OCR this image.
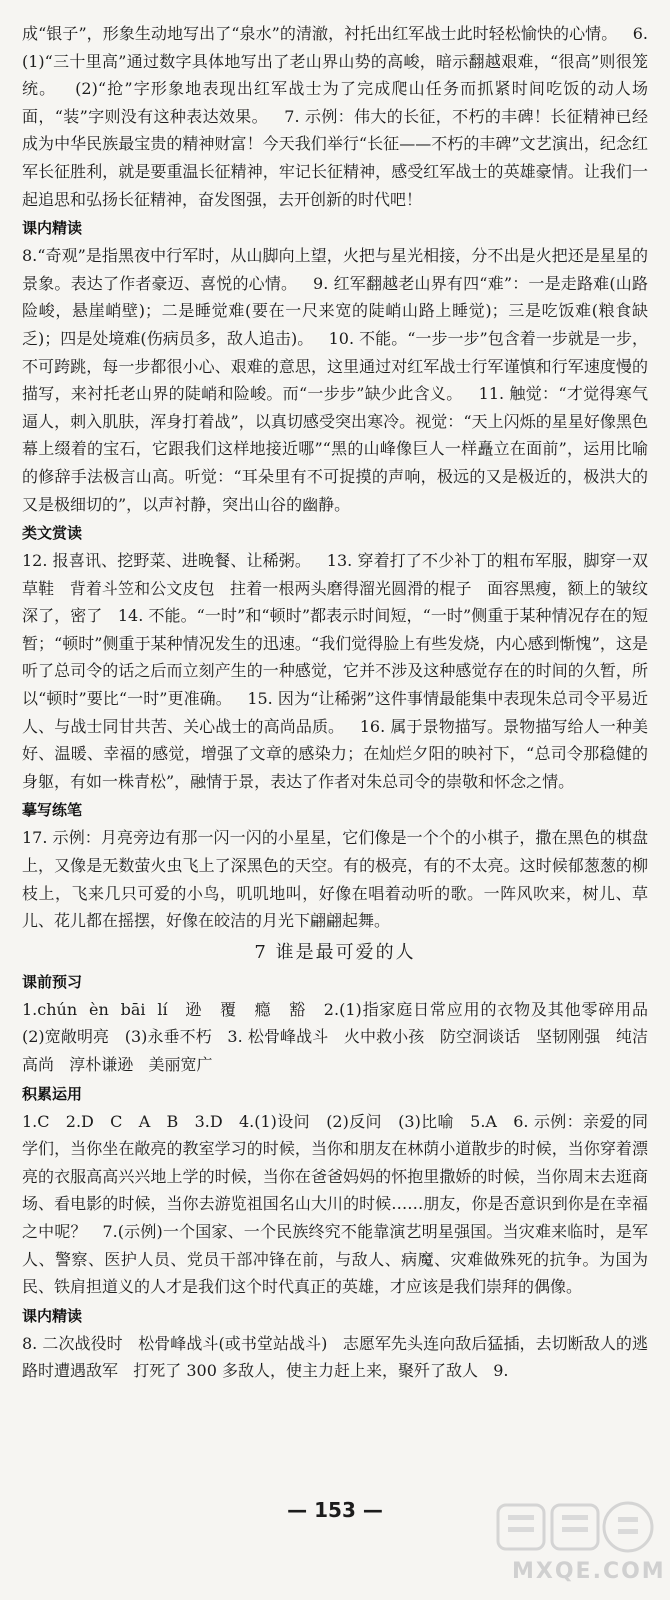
成“银子”，形象生动地写出了“泉水”的清澈，衬托出红军战士此时轻松愉快的心情。   6.(1)“三十里高”通过数字具体地写出了老山界山势的高峻，暗示翻越艰难，“很高”则很笼统。   (2)“抢”字形象地表现出红军战士为了完成爬山任务而抓紧时间吃饭的动人场面，“装”字则没有这种表达效果。   7. 示例：伟大的长征，不朽的丰碑！长征精神已经成为中华民族最宝贵的精神财富！今天我们举行“长征——不朽的丰碑”文艺演出，纪念红军长征胜利，就是要重温长征精神，牢记长征精神，感受红军战士的英雄豪情。让我们一起追思和弘扬长征精神，奋发图强，去开创新的时代吧！

课内精读

8.“奇观”是指黑夜中行军时，从山脚向上望，火把与星光相接，分不出是火把还是星星的景象。表达了作者豪迈、喜悦的心情。   9. 红军翻越老山界有四“难”：一是走路难(山路险峻，悬崖峭壁)；二是睡觉难(要在一尺来宽的陡峭山路上睡觉)；三是吃饭难(粮食缺乏)；四是处境难(伤病员多，敌人追击)。   10. 不能。“一步一步”包含着一步就是一步，不可跨跳，每一步都很小心、艰难的意思，这里通过对红军战士行军谨慎和行军速度慢的描写，来衬托老山界的陡峭和险峻。而“一步步”缺少此含义。   11. 触觉：“才觉得寒气逼人，刺入肌肤，浑身打着战”，以真切感受突出寒冷。视觉：“天上闪烁的星星好像黑色幕上缀着的宝石，它跟我们这样地接近哪”“黑的山峰像巨人一样矗立在面前”，运用比喻的修辞手法极言山高。听觉：“耳朵里有不可捉摸的声响，极远的又是极近的，极洪大的又是极细切的”，以声衬静，突出山谷的幽静。

类文赏读

12. 报喜讯、挖野菜、进晚餐、让稀粥。   13. 穿着打了不少补丁的粗布军服，脚穿一双草鞋   背着斗笠和公文皮包   拄着一根两头磨得溜光圆滑的棍子   面容黑瘦，额上的皱纹深了，密了   14. 不能。“一时”和“顿时”都表示时间短，“一时”侧重于某种情况存在的短暂；“顿时”侧重于某种情况发生的迅速。“我们觉得脸上有些发烧，内心感到惭愧”，这是听了总司令的话之后而立刻产生的一种感觉，它并不涉及这种感觉存在的时间的久暂，所以“顿时”要比“一时”更准确。   15. 因为“让稀粥”这件事情最能集中表现朱总司令平易近人、与战士同甘共苦、关心战士的高尚品质。   16. 属于景物描写。景物描写给人一种美好、温暖、幸福的感觉，增强了文章的感染力；在灿烂夕阳的映衬下，“总司令那稳健的身躯，有如一株青松”，融情于景，表达了作者对朱总司令的崇敬和怀念之情。

摹写练笔

17. 示例：月亮旁边有那一闪一闪的小星星，它们像是一个个的小棋子，撒在黑色的棋盘上，又像是无数萤火虫飞上了深黑色的天空。有的极亮，有的不太亮。这时候郁葱葱的柳枝上，飞来几只可爱的小鸟，叽叽地叫，好像在唱着动听的歌。一阵风吹来，树儿、草儿、花儿都在摇摆，好像在皎洁的月光下翩翩起舞。

7 谁是最可爱的人
课前预习

1.chún  èn  bāi  lí   逊   覆   瘾   豁   2.(1)指家庭日常应用的衣物及其他零碎用品   (2)宽敞明亮   (3)永垂不朽   3. 松骨峰战斗   火中救小孩   防空洞谈话   坚韧刚强   纯洁高尚   淳朴谦逊   美丽宽广

积累运用

1.C   2.D   C   A   B   3.D   4.(1)设问   (2)反问   (3)比喻   5.A   6. 示例：亲爱的同学们，当你坐在敞亮的教室学习的时候，当你和朋友在林荫小道散步的时候，当你穿着漂亮的衣服高高兴兴地上学的时候，当你在爸爸妈妈的怀抱里撒娇的时候，当你周末去逛商场、看电影的时候，当你去游览祖国名山大川的时候……朋友，你是否意识到你是在幸福之中呢？   7.(示例)一个国家、一个民族终究不能靠演艺明星强国。当灾难来临时，是军人、警察、医护人员、党员干部冲锋在前，与敌人、病魔、灾难做殊死的抗争。为国为民、铁肩担道义的人才是我们这个时代真正的英雄，才应该是我们崇拜的偶像。

课内精读

8. 二次战役时   松骨峰战斗(或书堂站战斗)   志愿军先头连向敌后猛插，去切断敌人的逃路时遭遇敌军   打死了 300 多敌人，使主力赶上来，聚歼了敌人   9.

— 153 —
MXQE.COM
